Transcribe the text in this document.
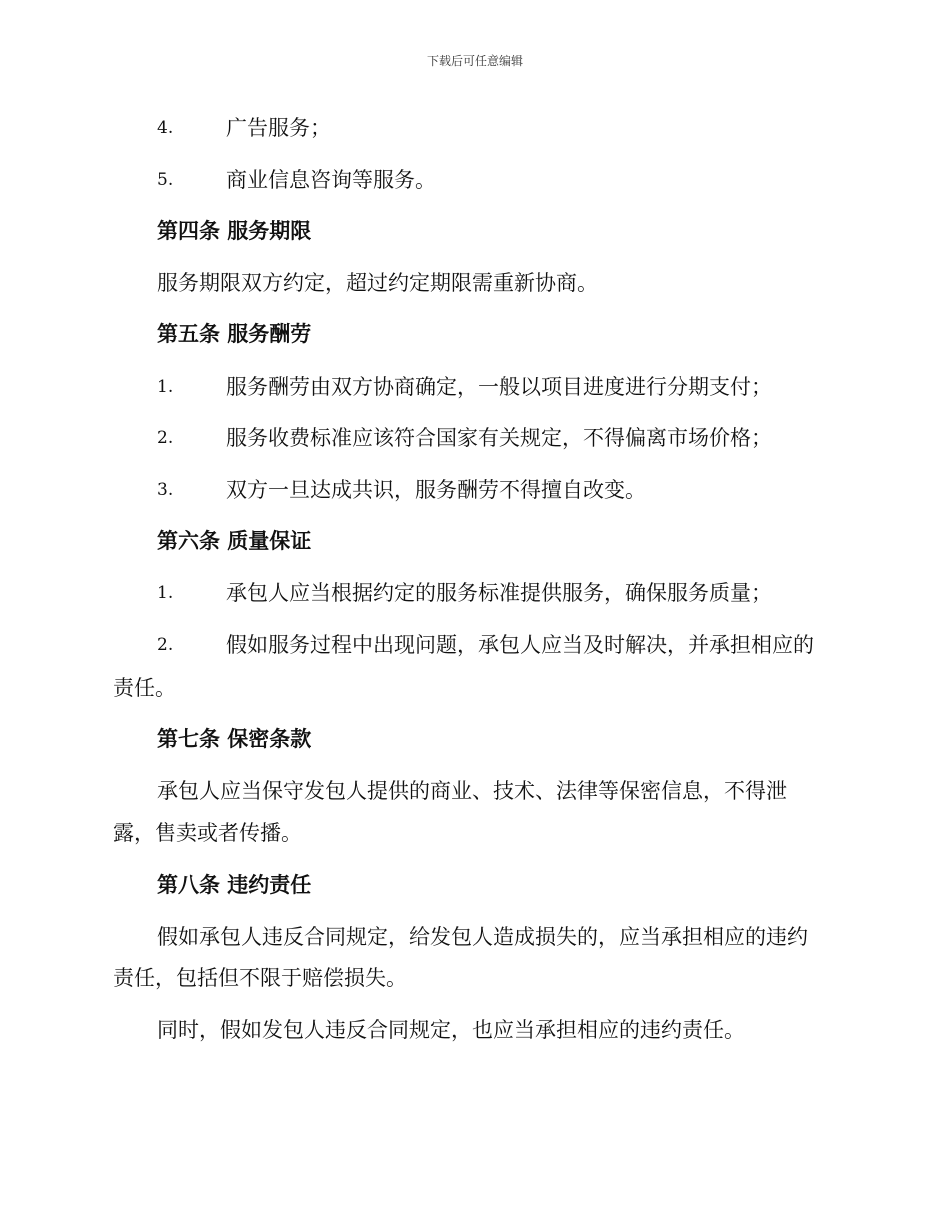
下载后可任意编辑
4.	广告服务；
5.	商业信息咨询等服务。
第四条 服务期限
服务期限双方约定，超过约定期限需重新协商。
第五条 服务酬劳
1.	服务酬劳由双方协商确定，一般以项目进度进行分期支付；
2.	服务收费标准应该符合国家有关规定，不得偏离市场价格；
3.	双方一旦达成共识，服务酬劳不得擅自改变。
第六条 质量保证
1.	承包人应当根据约定的服务标准提供服务，确保服务质量；
2.	假如服务过程中出现问题，承包人应当及时解决，并承担相应的
责任。
第七条 保密条款
承包人应当保守发包人提供的商业、技术、法律等保密信息，不得泄
露，售卖或者传播。
第八条 违约责任
假如承包人违反合同规定，给发包人造成损失的，应当承担相应的违约
责任，包括但不限于赔偿损失。
同时，假如发包人违反合同规定，也应当承担相应的违约责任。
